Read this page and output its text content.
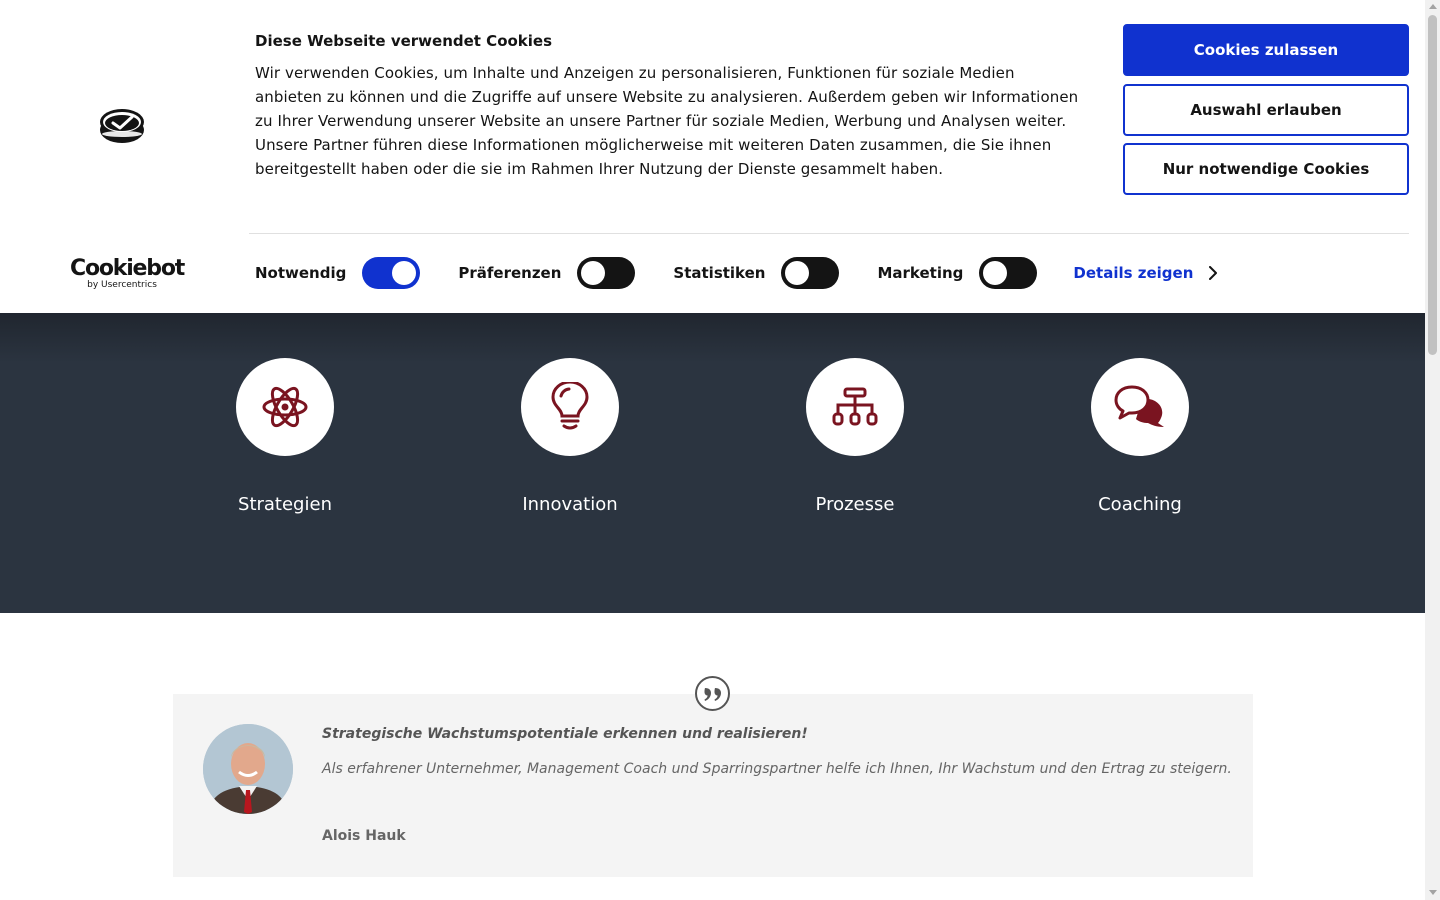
Cookiebot
by Usercentrics
Diese Webseite verwendet Cookies
Wir verwenden Cookies, um Inhalte und Anzeigen zu personalisieren, Funktionen für soziale Medien anbieten zu können und die Zugriffe auf unsere Website zu analysieren. Außerdem geben wir Informationen zu Ihrer Verwendung unserer Website an unsere Partner für soziale Medien, Werbung und Analysen weiter. Unsere Partner führen diese Informationen möglicherweise mit weiteren Daten zusammen, die Sie ihnen bereitgestellt haben oder die sie im Rahmen Ihrer Nutzung der Dienste gesammelt haben.
Cookies zulassen
Auswahl erlauben
Nur notwendige Cookies
Notwendig	Präferenzen	Statistiken	Marketing	Details zeigen
Strategien	Innovation	Prozesse	Coaching
Strategische Wachstumspotentiale erkennen und realisieren!
Als erfahrener Unternehmer, Management Coach und Sparringspartner helfe ich Ihnen, Ihr Wachstum und den Ertrag zu steigern.
Alois Hauk
